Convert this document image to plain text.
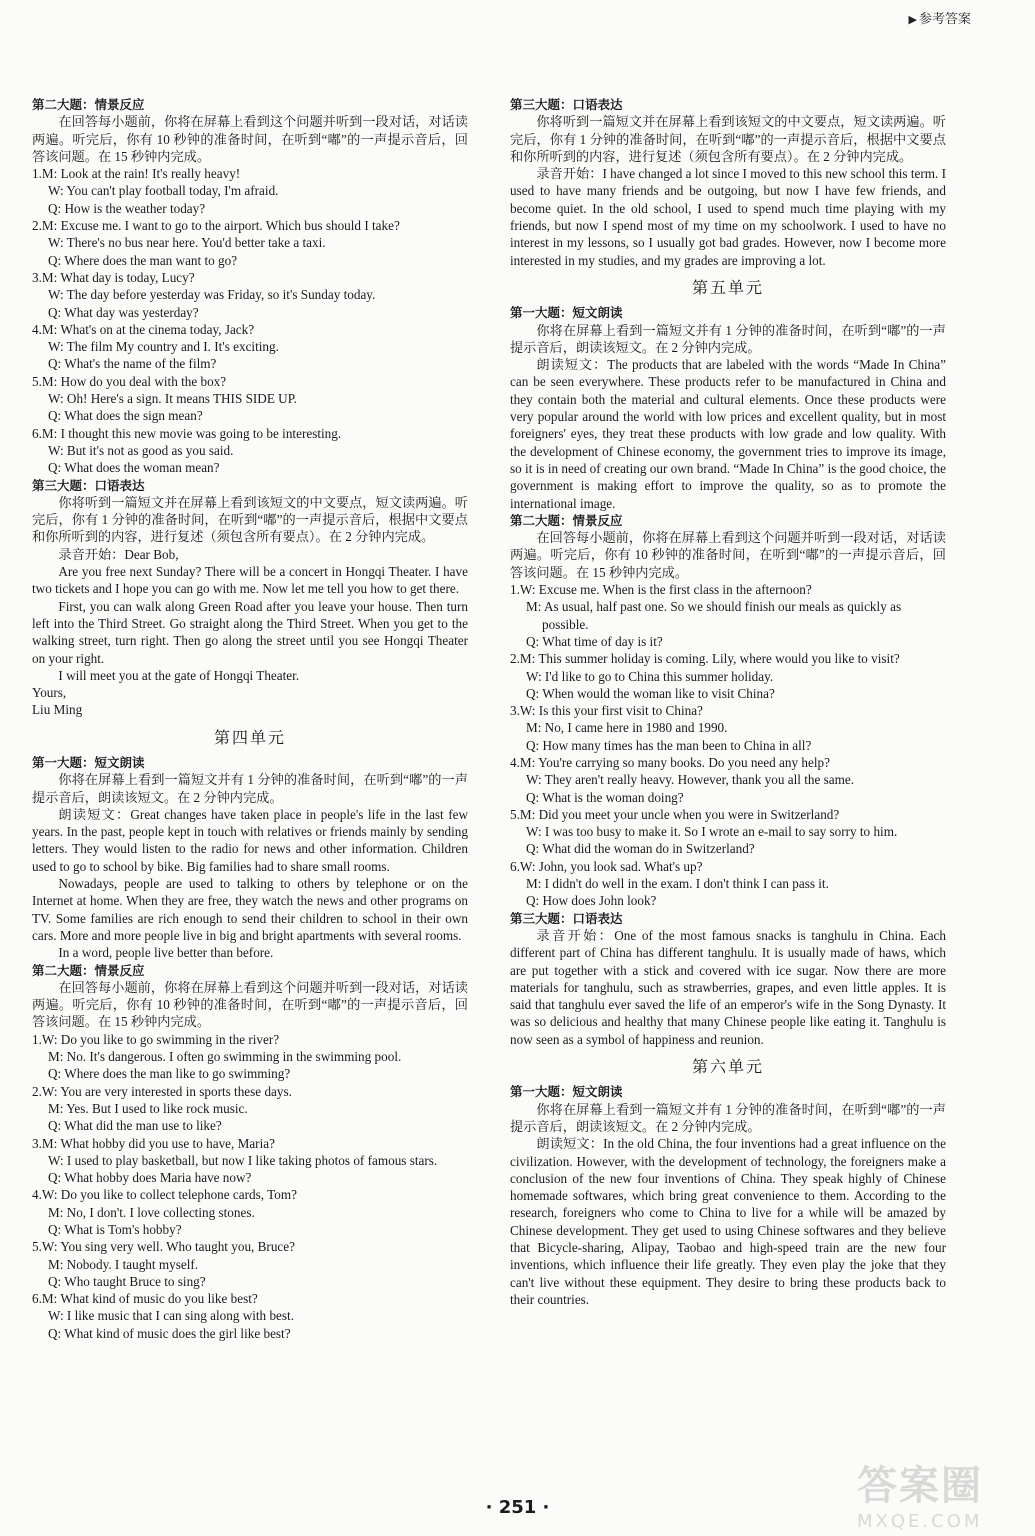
▶ 参考答案

第二大题：情景反应

在回答每小题前，你将在屏幕上看到这个问题并听到一段对话，对话读两遍。听完后，你有 10 秒钟的准备时间，在听到“嘟”的一声提示音后，回答该问题。在 15 秒钟内完成。

1.M: Look at the rain! It's really heavy!

W: You can't play football today, I'm afraid.

Q: How is the weather today?

2.M: Excuse me. I want to go to the airport. Which bus should I take?

W: There's no bus near here. You'd better take a taxi.

Q: Where does the man want to go?

3.M: What day is today, Lucy?

W: The day before yesterday was Friday, so it's Sunday today.

Q: What day was yesterday?

4.M: What's on at the cinema today, Jack?

W: The film My country and I. It's exciting.

Q: What's the name of the film?

5.M: How do you deal with the box?

W: Oh! Here's a sign. It means THIS SIDE UP.

Q: What does the sign mean?

6.M: I thought this new movie was going to be interesting.

W: But it's not as good as you said.

Q: What does the woman mean?

第三大题：口语表达

你将听到一篇短文并在屏幕上看到该短文的中文要点，短文读两遍。听完后，你有 1 分钟的准备时间，在听到“嘟”的一声提示音后，根据中文要点和你所听到的内容，进行复述（须包含所有要点）。在 2 分钟内完成。

录音开始：Dear Bob,

Are you free next Sunday? There will be a concert in Hongqi Theater. I have two tickets and I hope you can go with me. Now let me tell you how to get there.

First, you can walk along Green Road after you leave your house. Then turn left into the Third Street. Go straight along the Third Street. When you get to the walking street, turn right. Then go along the street until you see Hongqi Theater on your right.

I will meet you at the gate of Hongqi Theater.

Yours,

Liu Ming

第四单元

第一大题：短文朗读

你将在屏幕上看到一篇短文并有 1 分钟的准备时间，在听到“嘟”的一声提示音后，朗读该短文。在 2 分钟内完成。

朗读短文：Great changes have taken place in people's life in the last few years. In the past, people kept in touch with relatives or friends mainly by sending letters. They would listen to the radio for news and other information. Children used to go to school by bike. Big families had to share small rooms.

Nowadays, people are used to talking to others by telephone or on the Internet at home. When they are free, they watch the news and other programs on TV. Some families are rich enough to send their children to school in their own cars. More and more people live in big and bright apartments with several rooms.

In a word, people live better than before.

第二大题：情景反应

在回答每小题前，你将在屏幕上看到这个问题并听到一段对话，对话读两遍。听完后，你有 10 秒钟的准备时间，在听到“嘟”的一声提示音后，回答该问题。在 15 秒钟内完成。

1.W: Do you like to go swimming in the river?

M: No. It's dangerous. I often go swimming in the swimming pool.

Q: Where does the man like to go swimming?

2.W: You are very interested in sports these days.

M: Yes. But I used to like rock music.

Q: What did the man use to like?

3.M: What hobby did you use to have, Maria?

W: I used to play basketball, but now I like taking photos of famous stars.

Q: What hobby does Maria have now?

4.W: Do you like to collect telephone cards, Tom?

M: No, I don't. I love collecting stones.

Q: What is Tom's hobby?

5.W: You sing very well. Who taught you, Bruce?

M: Nobody. I taught myself.

Q: Who taught Bruce to sing?

6.M: What kind of music do you like best?

W: I like music that I can sing along with best.

Q: What kind of music does the girl like best?

第三大题：口语表达

你将听到一篇短文并在屏幕上看到该短文的中文要点，短文读两遍。听完后，你有 1 分钟的准备时间，在听到“嘟”的一声提示音后，根据中文要点和你所听到的内容，进行复述（须包含所有要点）。在 2 分钟内完成。

录音开始：I have changed a lot since I moved to this new school this term. I used to have many friends and be outgoing, but now I have few friends, and become quiet. In the old school, I used to spend much time playing with my friends, but now I spend most of my time on my schoolwork. I used to have no interest in my lessons, so I usually got bad grades. However, now I become more interested in my studies, and my grades are improving a lot.

第五单元

第一大题：短文朗读

你将在屏幕上看到一篇短文并有 1 分钟的准备时间，在听到“嘟”的一声提示音后，朗读该短文。在 2 分钟内完成。

朗读短文：The products that are labeled with the words “Made In China” can be seen everywhere. These products refer to be manufactured in China and they contain both the material and cultural elements. Once these products were very popular around the world with low prices and excellent quality, but in most foreigners' eyes, they treat these products with low grade and low quality. With the development of Chinese economy, the government tries to improve its image, so it is in need of creating our own brand. “Made In China” is the good choice, the government is making effort to improve the quality, so as to promote the international image.

第二大题：情景反应

在回答每小题前，你将在屏幕上看到这个问题并听到一段对话，对话读两遍。听完后，你有 10 秒钟的准备时间，在听到“嘟”的一声提示音后，回答该问题。在 15 秒钟内完成。

1.W: Excuse me. When is the first class in the afternoon?

M: As usual, half past one. So we should finish our meals as quickly as possible.

Q: What time of day is it?

2.M: This summer holiday is coming. Lily, where would you like to visit?

W: I'd like to go to China this summer holiday.

Q: When would the woman like to visit China?

3.W: Is this your first visit to China?

M: No, I came here in 1980 and 1990.

Q: How many times has the man been to China in all?

4.M: You're carrying so many books. Do you need any help?

W: They aren't really heavy. However, thank you all the same.

Q: What is the woman doing?

5.M: Did you meet your uncle when you were in Switzerland?

W: I was too busy to make it. So I wrote an e-mail to say sorry to him.

Q: What did the woman do in Switzerland?

6.W: John, you look sad. What's up?

M: I didn't do well in the exam. I don't think I can pass it.

Q: How does John look?

第三大题：口语表达

录音开始：One of the most famous snacks is tanghulu in China. Each different part of China has different tanghulu. It is usually made of haws, which are put together with a stick and covered with ice sugar. Now there are more materials for tanghulu, such as strawberries, grapes, and even little apples. It is said that tanghulu ever saved the life of an emperor's wife in the Song Dynasty. It was so delicious and healthy that many Chinese people like eating it. Tanghulu is now seen as a symbol of happiness and reunion.

第六单元

第一大题：短文朗读

你将在屏幕上看到一篇短文并有 1 分钟的准备时间，在听到“嘟”的一声提示音后，朗读该短文。在 2 分钟内完成。

朗读短文：In the old China, the four inventions had a great influence on the civilization. However, with the development of technology, the foreigners make a conclusion of the new four inventions of China. They speak highly of Chinese homemade softwares, which bring great convenience to them. According to the research, foreigners who come to China to live for a while will be amazed by Chinese development. They get used to using Chinese softwares and they believe that Bicycle-sharing, Alipay, Taobao and high-speed train are the new four inventions, which influence their life greatly. They even play the joke that they can't live without these equipment. They desire to bring these products back to their countries.

· 251 ·	答案圈
MXQE.COM
